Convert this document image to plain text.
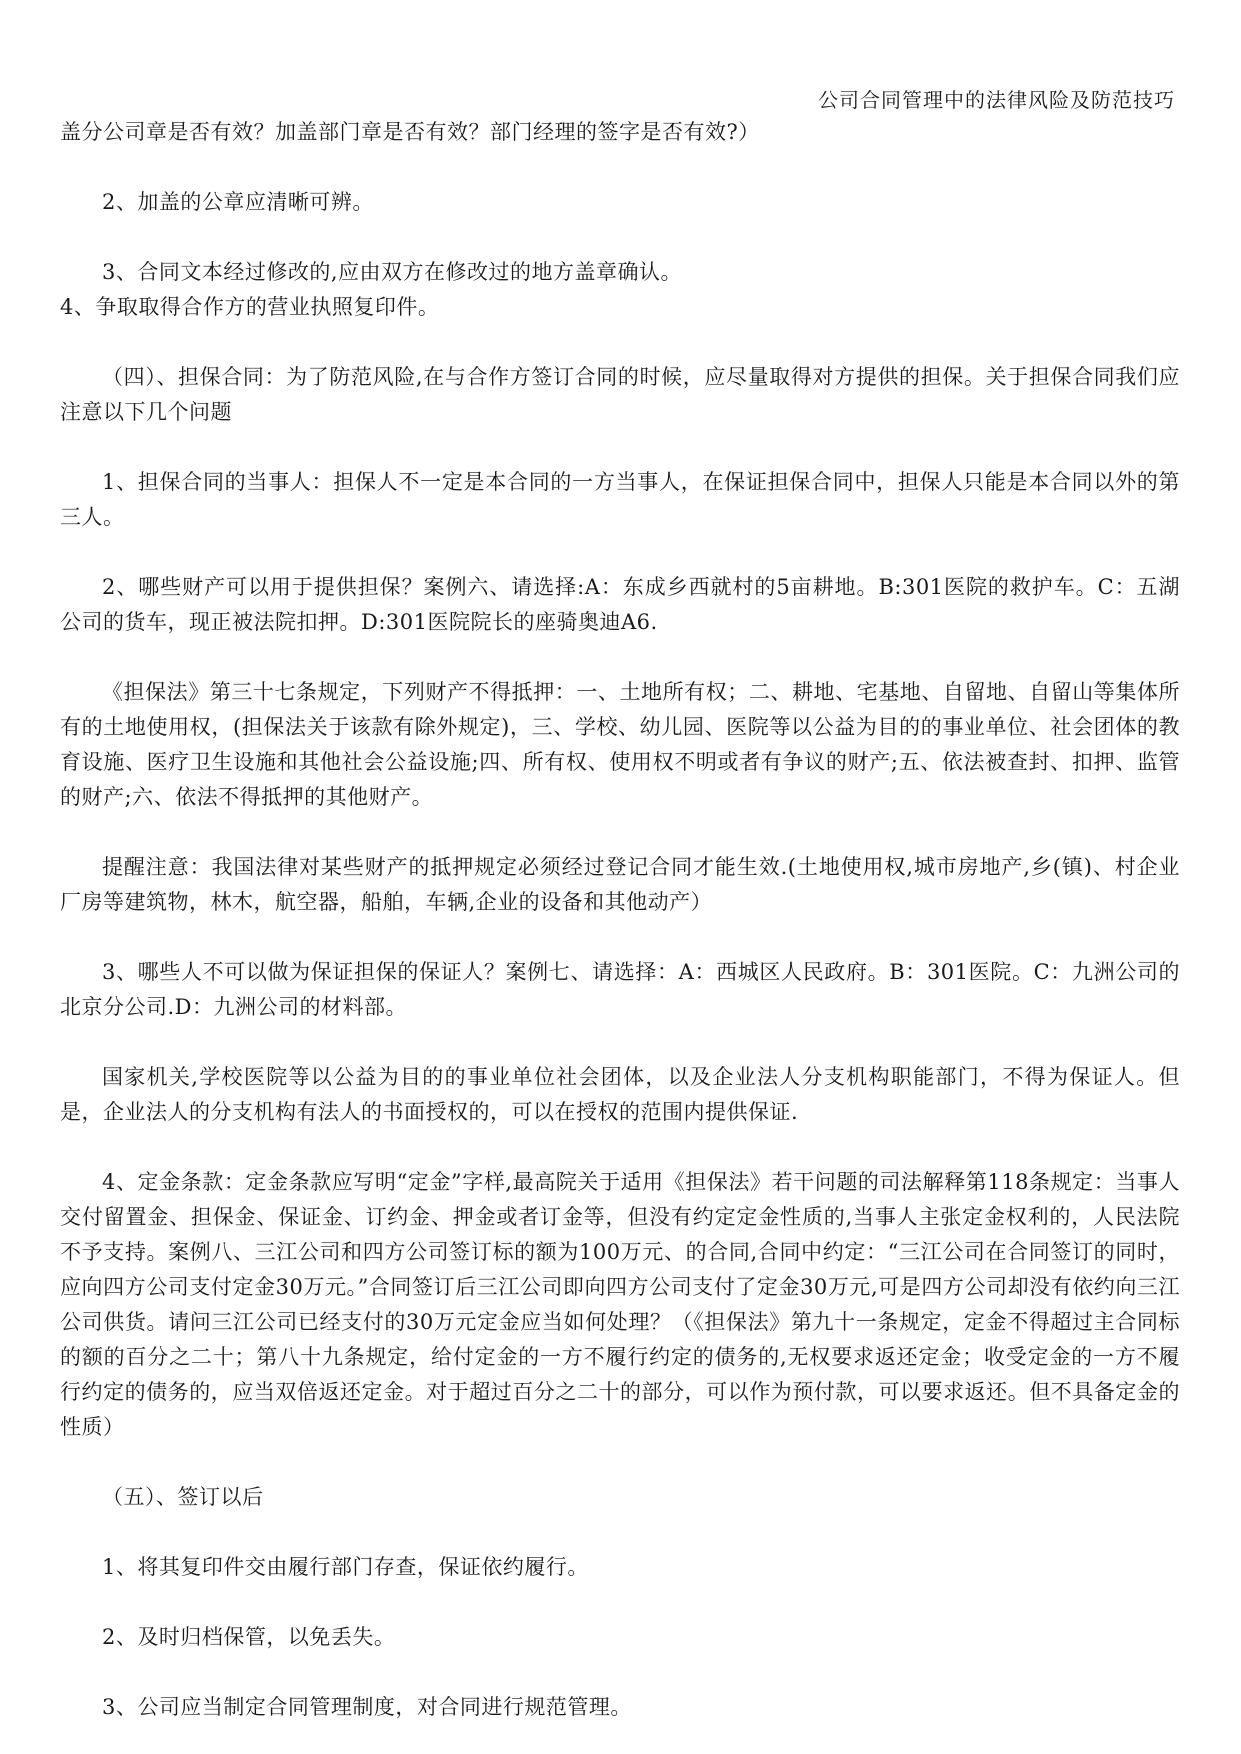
公司合同管理中的法律风险及防范技巧

盖分公司章是否有效？加盖部门章是否有效？部门经理的签字是否有效?）

2、加盖的公章应清晰可辨。

3、合同文本经过修改的,应由双方在修改过的地方盖章确认。

4、争取取得合作方的营业执照复印件。

（四）、担保合同：为了防范风险,在与合作方签订合同的时候，应尽量取得对方提供的担保。关于担保合同我们应注意以下几个问题

1、担保合同的当事人：担保人不一定是本合同的一方当事人，在保证担保合同中，担保人只能是本合同以外的第三人。

2、哪些财产可以用于提供担保？案例六、请选择:A：东成乡西就村的5亩耕地。B:301医院的救护车。C：五湖公司的货车，现正被法院扣押。D:301医院院长的座骑奥迪A6.

《担保法》第三十七条规定，下列财产不得抵押：一、土地所有权；二、耕地、宅基地、自留地、自留山等集体所有的土地使用权，(担保法关于该款有除外规定)，三、学校、幼儿园、医院等以公益为目的的事业单位、社会团体的教育设施、医疗卫生设施和其他社会公益设施;四、所有权、使用权不明或者有争议的财产;五、依法被查封、扣押、监管的财产;六、依法不得抵押的其他财产。

提醒注意：我国法律对某些财产的抵押规定必须经过登记合同才能生效.(土地使用权,城市房地产,乡(镇)、村企业厂房等建筑物，林木，航空器，船舶，车辆,企业的设备和其他动产）

3、哪些人不可以做为保证担保的保证人？案例七、请选择：A：西城区人民政府。B：301医院。C：九洲公司的北京分公司.D：九洲公司的材料部。

国家机关,学校医院等以公益为目的的事业单位社会团体，以及企业法人分支机构职能部门，不得为保证人。但是，企业法人的分支机构有法人的书面授权的，可以在授权的范围内提供保证.

4、定金条款：定金条款应写明“定金”字样,最高院关于适用《担保法》若干问题的司法解释第118条规定：当事人交付留置金、担保金、保证金、订约金、押金或者订金等，但没有约定定金性质的,当事人主张定金权利的，人民法院不予支持。案例八、三江公司和四方公司签订标的额为100万元、的合同,合同中约定：“三江公司在合同签订的同时，应向四方公司支付定金30万元。”合同签订后三江公司即向四方公司支付了定金30万元,可是四方公司却没有依约向三江公司供货。请问三江公司已经支付的30万元定金应当如何处理？（《担保法》第九十一条规定，定金不得超过主合同标的额的百分之二十；第八十九条规定，给付定金的一方不履行约定的债务的,无权要求返还定金；收受定金的一方不履行约定的债务的，应当双倍返还定金。对于超过百分之二十的部分，可以作为预付款，可以要求返还。但不具备定金的性质）

（五）、签订以后

1、将其复印件交由履行部门存查，保证依约履行。

2、及时归档保管，以免丢失。

3、公司应当制定合同管理制度，对合同进行规范管理。
